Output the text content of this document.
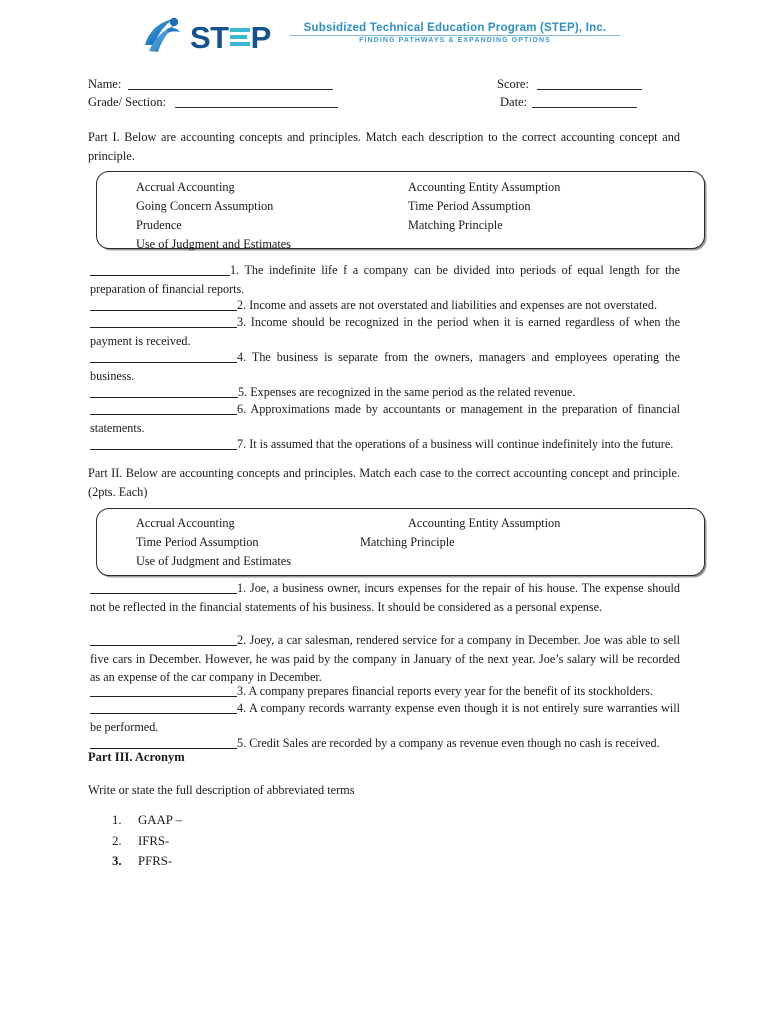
ST P	Subsidized Technical Education Program (STEP), Inc.
FINDING PATHWAYS & EXPANDING OPTIONS
Name:	Score:
Grade/ Section:	Date:
Part I. Below are accounting concepts and principles. Match each description to the correct accounting concept and principle.
Accrual Accounting
Going Concern Assumption
Prudence
Use of Judgment and Estimates
Accounting Entity Assumption
Time Period Assumption
Matching Principle
1. The indefinite life f a company can be divided into periods of equal length for the preparation of financial reports.
2. Income and assets are not overstated and liabilities and expenses are not overstated.
3. Income should be recognized in the period when it is earned regardless of when the payment is received.
4. The business is separate from the owners, managers and employees operating the business.
5. Expenses are recognized in the same period as the related revenue.
6. Approximations made by accountants or management in the preparation of financial statements.
7. It is assumed that the operations of a business will continue indefinitely into the future.
Part II. Below are accounting concepts and principles. Match each case to the correct accounting concept and principle. (2pts. Each)
Accrual Accounting
Time Period Assumption
Use of Judgment and Estimates
Accounting Entity Assumption
Matching Principle
1. Joe, a business owner, incurs expenses for the repair of his house. The expense should not be reflected in the financial statements of his business. It should be considered as a personal expense.
2. Joey, a car salesman, rendered service for a company in December. Joe was able to sell five cars in December. However, he was paid by the company in January of the next year. Joe’s salary will be recorded as an expense of the car company in December.
3. A company prepares financial reports every year for the benefit of its stockholders.
4. A company records warranty expense even though it is not entirely sure warranties will be performed.
5. Credit Sales are recorded by a company as revenue even though no cash is received.
Part III. Acronym
Write or state the full description of abbreviated terms
1.	GAAP –
2.	IFRS-
3.	PFRS-
